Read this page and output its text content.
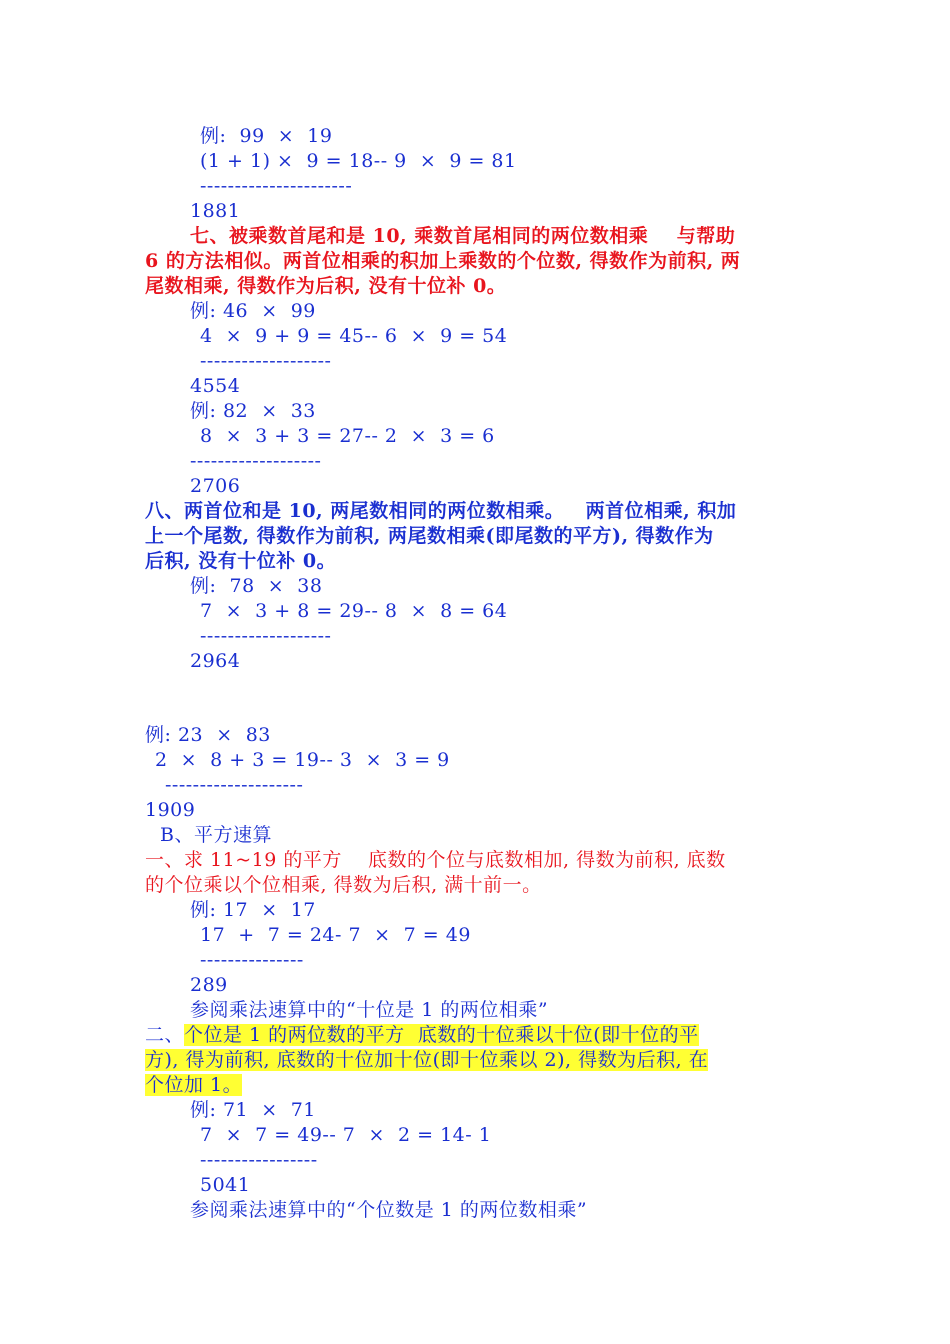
例:  99  ×  19
(1 + 1) ×  9 = 18-- 9  ×  9 = 81
----------------------
1881
七、被乘数首尾和是 10, 乘数首尾相同的两位数相乘    与帮助
6 的方法相似。两首位相乘的积加上乘数的个位数, 得数作为前积, 两
尾数相乘, 得数作为后积, 没有十位补 0。
例: 46  ×  99
4  ×  9 + 9 = 45-- 6  ×  9 = 54
-------------------
4554
例: 82  ×  33
8  ×  3 + 3 = 27-- 2  ×  3 = 6
-------------------
2706
八、两首位和是 10, 两尾数相同的两位数相乘。   两首位相乘, 积加
上一个尾数, 得数作为前积, 两尾数相乘(即尾数的平方), 得数作为
后积, 没有十位补 0。
例:  78  ×  38
7  ×  3 + 8 = 29-- 8  ×  8 = 64
-------------------
2964
例: 23  ×  83
2  ×  8 + 3 = 19-- 3  ×  3 = 9
--------------------
1909
B、平方速算
一、求 11~19 的平方    底数的个位与底数相加, 得数为前积, 底数
的个位乘以个位相乘, 得数为后积, 满十前一。
例: 17  ×  17
17  +  7 = 24- 7  ×  7 = 49
---------------
289
参阅乘法速算中的“十位是 1 的两位相乘”
二、个位是 1 的两位数的平方  底数的十位乘以十位(即十位的平
方), 得为前积, 底数的十位加十位(即十位乘以 2), 得数为后积, 在
个位加 1。
例: 71  ×  71
7  ×  7 = 49-- 7  ×  2 = 14- 1
-----------------
5041
参阅乘法速算中的“个位数是 1 的两位数相乘”
